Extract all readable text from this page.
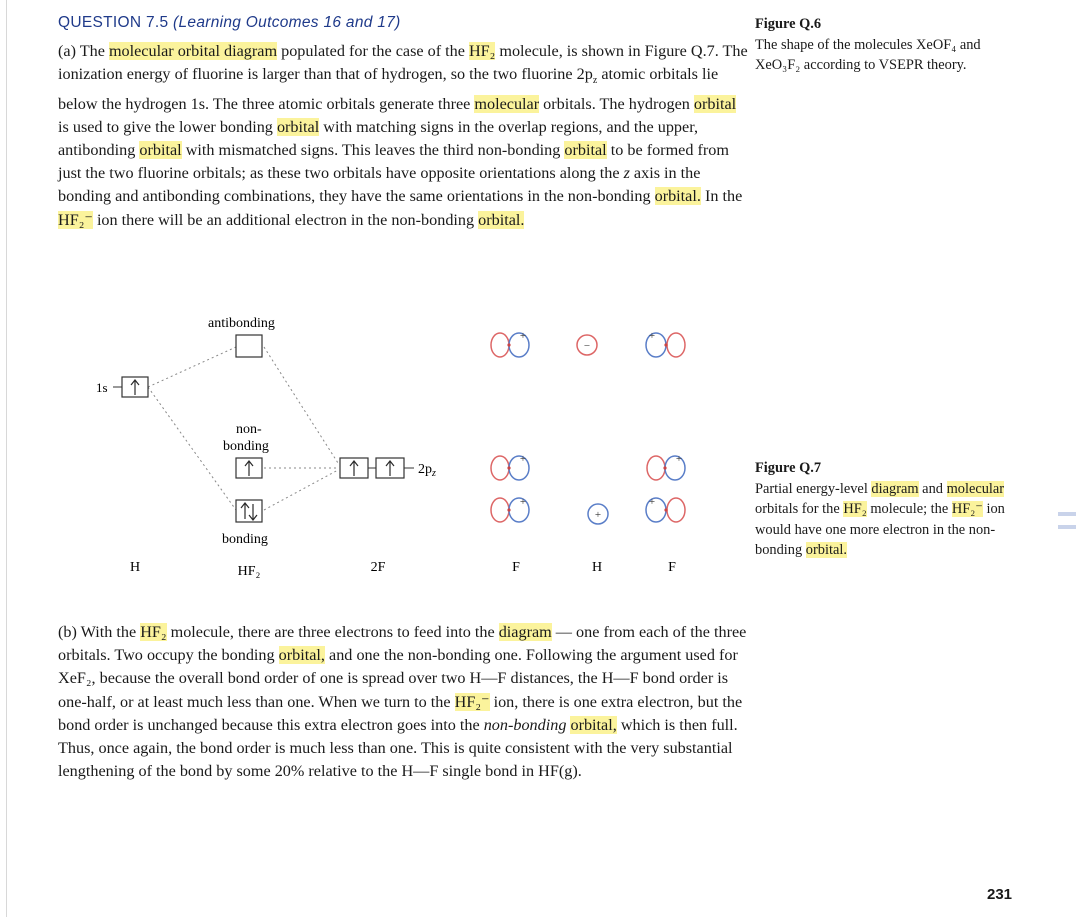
QUESTION 7.5 (Learning Outcomes 16 and 17)

(a) The molecular orbital diagram populated for the case of the HF₂ molecule, is shown in Figure Q.7. The ionization energy of fluorine is larger than that of hydrogen, so the two fluorine $2p_z$ atomic orbitals lie below the hydrogen 1s. The three atomic orbitals generate three molecular orbitals. The hydrogen orbital is used to give the lower bonding orbital with matching signs in the overlap regions, and the upper, antibonding orbital with mismatched signs. This leaves the third non-bonding orbital to be formed from just the two fluorine orbitals; as these two orbitals have opposite orientations along the z axis in the bonding and antibonding combinations, they have the same orientations in the non-bonding orbital. In the HF₂⁻ ion there will be an additional electron in the non-bonding orbital.

Figure Q.6
The shape of the molecules XeOF₄ and XeO₃F₂ according to VSEPR theory.
1s
antibonding
non-
bonding
bonding
$2p_z$
+
−
+
+	+
+
+
+
H	HF₂	2F	F	H	F
Figure Q.7
Partial energy-level diagram and molecular orbitals for the HF₂ molecule; the HF₂⁻ ion would have one more electron in the non-bonding orbital.

(b) With the HF₂ molecule, there are three electrons to feed into the diagram — one from each of the three orbitals. Two occupy the bonding orbital, and one the non-bonding one. Following the argument used for XeF₂, because the overall bond order of one is spread over two H—F distances, the H—F bond order is one-half, or at least much less than one. When we turn to the HF₂⁻ ion, there is one extra electron, but the bond order is unchanged because this extra electron goes into the non-bonding orbital, which is then full. Thus, once again, the bond order is much less than one. This is quite consistent with the very substantial lengthening of the bond by some 20% relative to the H—F single bond in HF(g).

231
